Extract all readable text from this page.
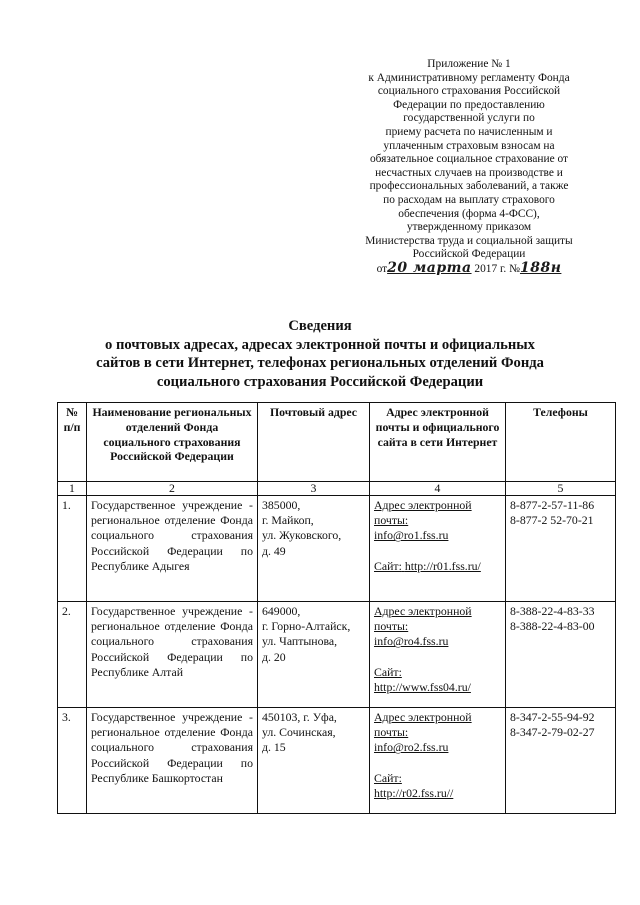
Приложение № 1
к Административному регламенту Фонда
социального страхования Российской
Федерации по предоставлению
государственной услуги по
приему расчета по начисленным и
уплаченным страховым взносам на
обязательное социальное страхование от
несчастных случаев на производстве и
профессиональных заболеваний, а также
по расходам на выплату страхового
обеспечения (форма 4-ФСС),
утвержденному приказом
Министерства труда и социальной защиты
Российской Федерации
от20 марта 2017 г. №188н
Сведения
о почтовых адресах, адресах электронной почты и официальных
сайтов в сети Интернет, телефонах региональных отделений Фонда
социального страхования Российской Федерации
№ п/п	Наименование региональных отделений Фонда социального страхования Российской Федерации	Почтовый адрес	Адрес электронной почты и официального сайта в сети Интернет	Телефоны
1	2	3	4	5
1.	Государственное учреждение - региональное отделение Фонда социального страхования Российской Федерации по Республике Адыгея	385000,
г. Майкоп,
ул. Жуковского,
д. 49	Адрес электронной почты:
info@ro1.fss.ru
Сайт: http://r01.fss.ru/	8-877-2-57-11-86
8-877-2 52-70-21

2.	Государственное учреждение - региональное отделение Фонда социального страхования Российской Федерации по Республике Алтай	649000,
г. Горно-Алтайск,
ул. Чаптынова,
д. 20	Адрес электронной почты:
info@ro4.fss.ru
Сайт:
http://www.fss04.ru/	8-388-22-4-83-33
8-388-22-4-83-00

3.	Государственное учреждение - региональное отделение Фонда социального страхования Российской Федерации по Республике Башкортостан	450103, г. Уфа,
ул. Сочинская,
д. 15	Адрес электронной почты:
info@ro2.fss.ru
Сайт:
http://r02.fss.ru//	8-347-2-55-94-92
8-347-2-79-02-27
